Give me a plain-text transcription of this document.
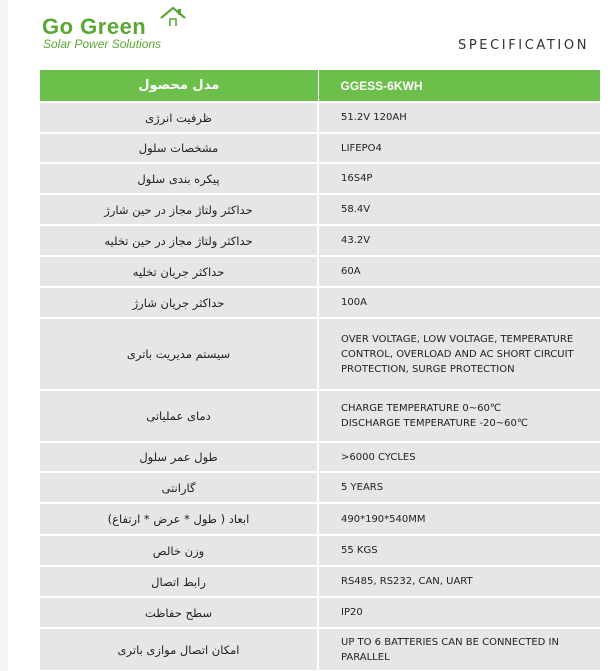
Go Green
Solar Power Solutions	SPECIFICATION
مدل محصول	GGESS-6KWH
ظرفیت انرژی	51.2V 120AH
مشخصات سلول	LIFEPO4
پیکره بندی سلول	16S4P
حداکثر ولتاژ مجاز در حین شارژ	58.4V
حداکثر ولتاژ مجاز در حین تخلیه	43.2V
حداکثر جریان تخلیه	60A
حداکثر جریان شارژ	100A
سیستم مدیریت باتری	OVER VOLTAGE, LOW VOLTAGE, TEMPERATURE CONTROL, OVERLOAD AND AC SHORT CIRCUIT PROTECTION, SURGE PROTECTION
دمای عملیاتی	CHARGE TEMPERATURE 0~60℃
DISCHARGE TEMPERATURE -20~60℃

طول عمر سلول	>6000 CYCLES
گارانتی	5 YEARS
ابعاد ( طول * عرض * ارتفاع)	490*190*540MM
وزن خالص	55 KGS
رابط اتصال	RS485, RS232, CAN, UART
سطح حفاظت	IP20
امکان اتصال موازی باتری	UP TO 6 BATTERIES CAN BE CONNECTED IN PARALLEL
